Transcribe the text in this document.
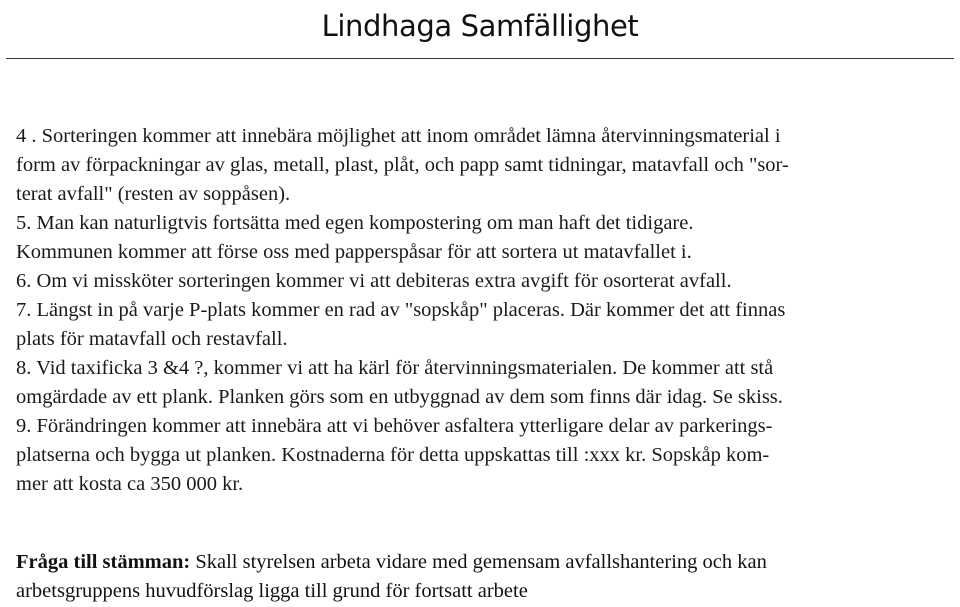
Lindhaga Samfällighet
4 . Sorteringen kommer att innebära möjlighet att inom området lämna återvinningsmaterial i
form av förpackningar av glas, metall, plast, plåt, och papp samt tidningar, matavfall och "sor-
terat avfall" (resten av soppåsen).
5. Man kan naturligtvis fortsätta med egen kompostering om man haft det tidigare.
Kommunen kommer att förse oss med papperspåsar för att sortera ut matavfallet i.
6. Om vi missköter sorteringen kommer vi att debiteras extra avgift för osorterat avfall.
7. Längst in på varje P-plats kommer en rad av "sopskåp" placeras. Där kommer det att finnas
plats för matavfall och restavfall.
8. Vid taxificka 3 &4 ?, kommer vi att ha kärl för återvinningsmaterialen. De kommer att stå
omgärdade av ett plank. Planken görs som en utbyggnad av dem som finns där idag. Se skiss.
9. Förändringen kommer att innebära att vi behöver asfaltera ytterligare delar av parkerings-
platserna och bygga ut planken. Kostnaderna för detta uppskattas till :xxx kr. Sopskåp kom-
mer att kosta ca 350 000 kr.
Fråga till stämman: Skall styrelsen arbeta vidare med gemensam avfallshantering och kan
arbetsgruppens huvudförslag ligga till grund för fortsatt arbete
